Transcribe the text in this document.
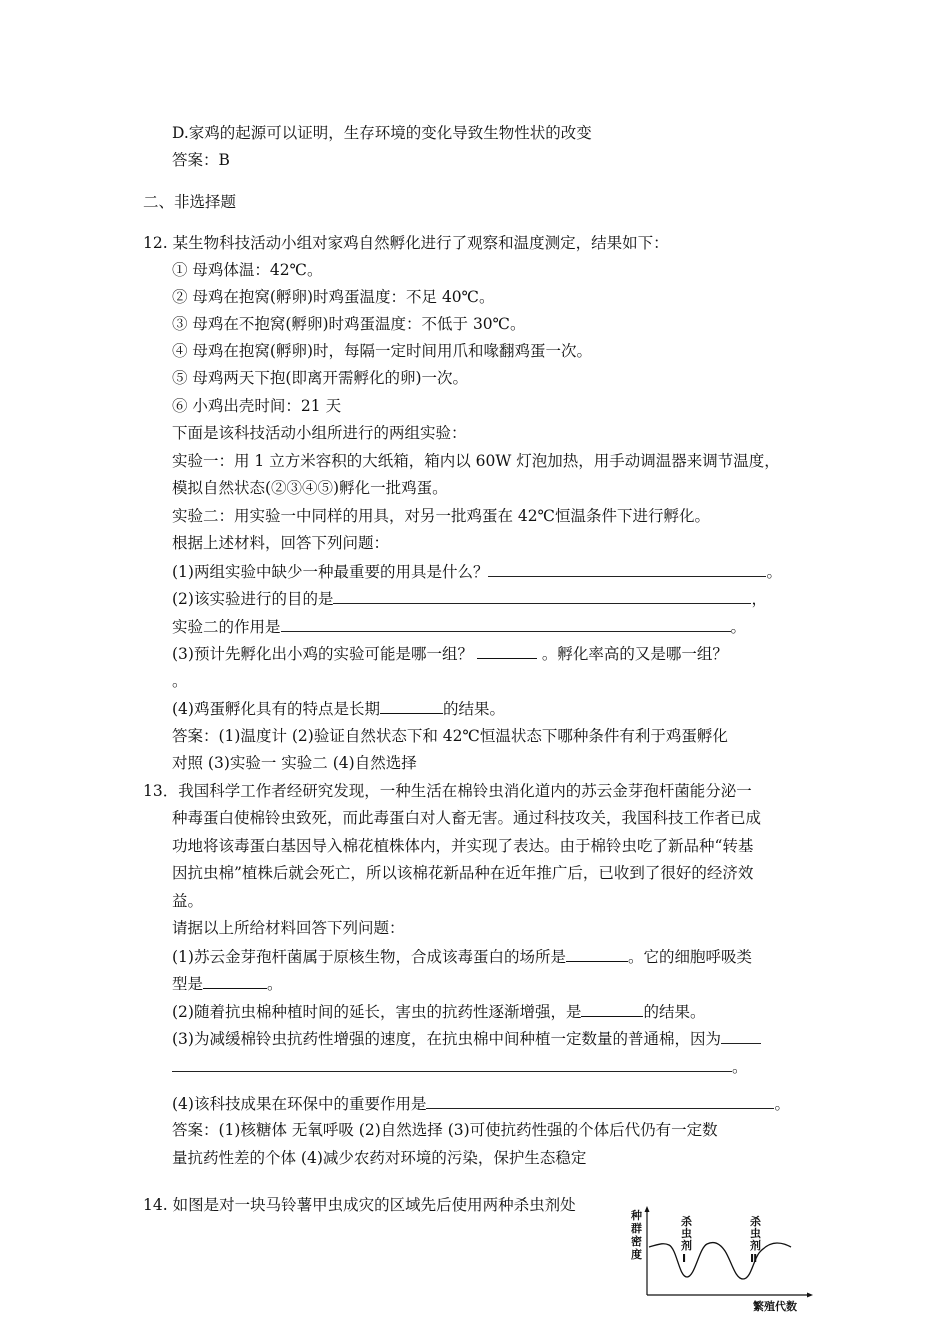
D.家鸡的起源可以证明，生存环境的变化导致生物性状的改变
答案：B
二、非选择题
12. 某生物科技活动小组对家鸡自然孵化进行了观察和温度测定，结果如下：
① 母鸡体温：42℃。
② 母鸡在抱窝(孵卵)时鸡蛋温度：不足 40℃。
③ 母鸡在不抱窝(孵卵)时鸡蛋温度：不低于 30℃。
④ 母鸡在抱窝(孵卵)时，每隔一定时间用爪和喙翻鸡蛋一次。
⑤ 母鸡两天下抱(即离开需孵化的卵)一次。
⑥ 小鸡出壳时间：21 天
下面是该科技活动小组所进行的两组实验：
实验一：用 1 立方米容积的大纸箱，箱内以 60W 灯泡加热，用手动调温器来调节温度，
模拟自然状态(②③④⑤)孵化一批鸡蛋。
实验二：用实验一中同样的用具，对另一批鸡蛋在 42℃恒温条件下进行孵化。
根据上述材料，回答下列问题：
(1)两组实验中缺少一种最重要的用具是什么？	。
(2)该实验进行的目的是	，
实验二的作用是	。
(3)预计先孵化出小鸡的实验可能是哪一组？	。孵化率高的又是哪一组？
。
(4)鸡蛋孵化具有的特点是长期	的结果。
答案：(1)温度计 (2)验证自然状态下和 42℃恒温状态下哪种条件有利于鸡蛋孵化
对照 (3)实验一 实验二 (4)自然选择
13．我国科学工作者经研究发现，一种生活在棉铃虫消化道内的苏云金芽孢杆菌能分泌一
种毒蛋白使棉铃虫致死，而此毒蛋白对人畜无害。通过科技攻关，我国科技工作者已成
功地将该毒蛋白基因导入棉花植株体内，并实现了表达。由于棉铃虫吃了新品种“转基
因抗虫棉”植株后就会死亡，所以该棉花新品种在近年推广后，已收到了很好的经济效
益。
请据以上所给材料回答下列问题：
(1)苏云金芽孢杆菌属于原核生物，合成该毒蛋白的场所是	。它的细胞呼吸类
型是	。
(2)随着抗虫棉种植时间的延长，害虫的抗药性逐渐增强，是	的结果。
(3)为减缓棉铃虫抗药性增强的速度，在抗虫棉中间种植一定数量的普通棉，因为
。
(4)该科技成果在环保中的重要作用是	。
答案：(1)核糖体 无氧呼吸 (2)自然选择 (3)可使抗药性强的个体后代仍有一定数
量抗药性差的个体 (4)减少农药对环境的污染，保护生态稳定
14. 如图是对一块马铃薯甲虫成灾的区域先后使用两种杀虫剂处
种
群
密
度
杀
虫
剂
Ⅰ
杀
虫
剂
Ⅱ
繁殖代数
